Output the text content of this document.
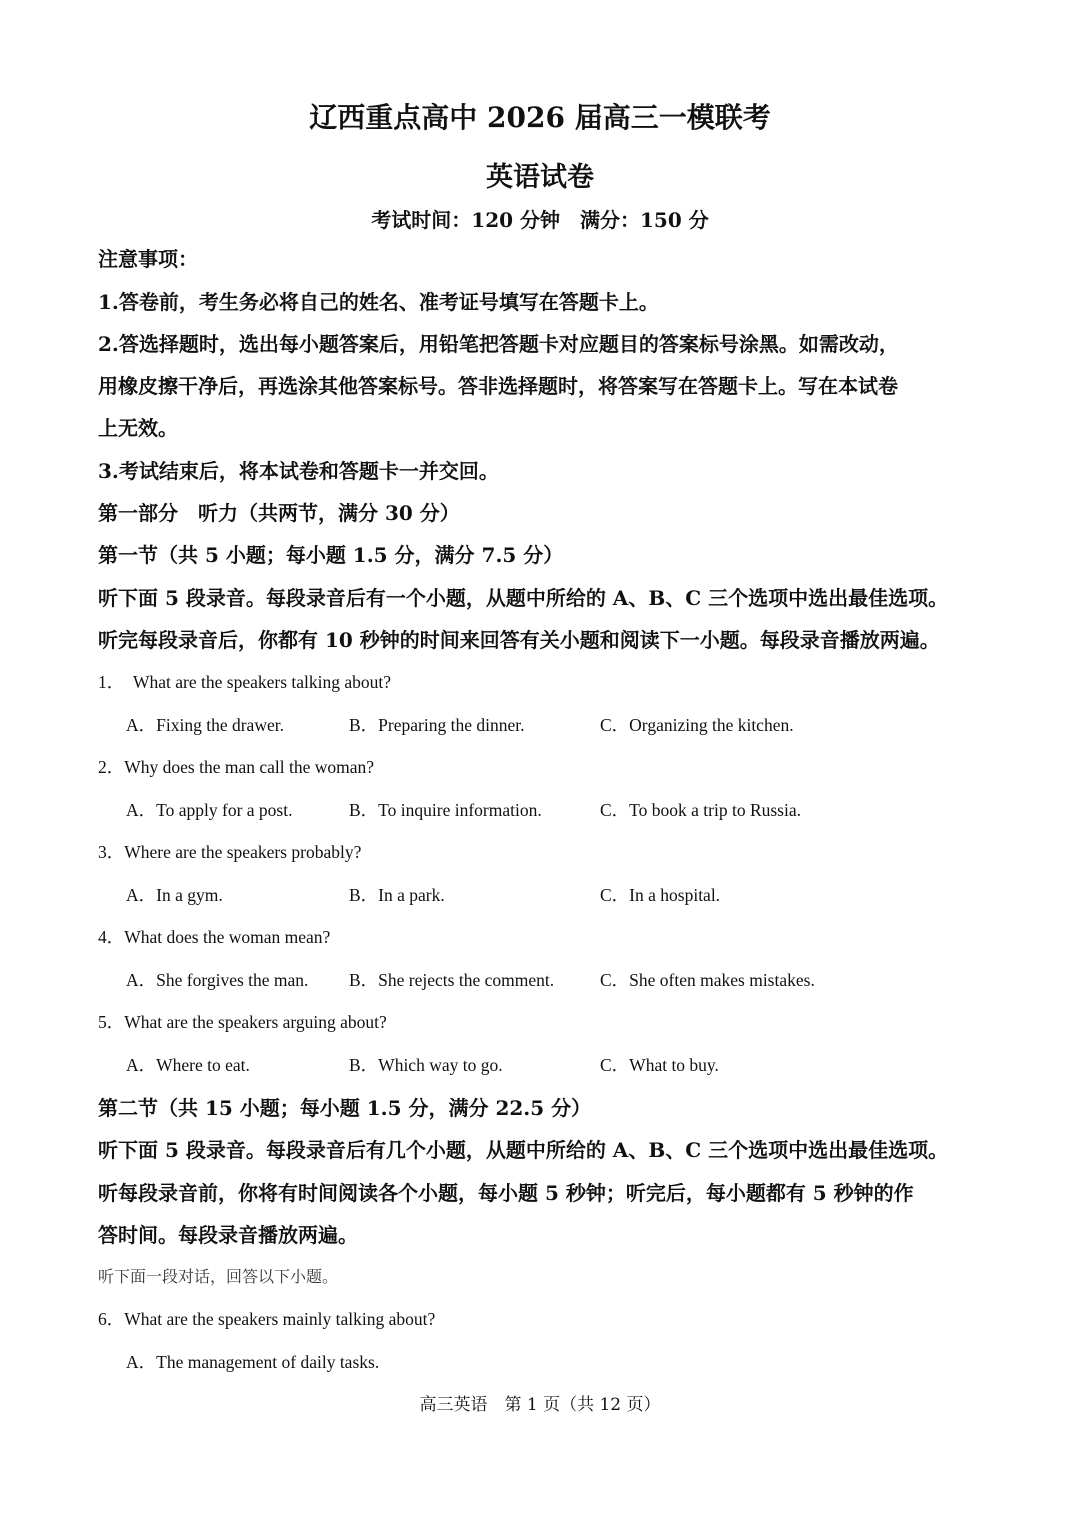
辽西重点高中 2026 届高三一模联考
英语试卷
考试时间：120 分钟　满分：150 分
注意事项：
1.答卷前，考生务必将自己的姓名、准考证号填写在答题卡上。
2.答选择题时，选出每小题答案后，用铅笔把答题卡对应题目的答案标号涂黑。如需改动，
用橡皮擦干净后，再选涂其他答案标号。答非选择题时，将答案写在答题卡上。写在本试卷
上无效。
3.考试结束后，将本试卷和答题卡一并交回。
第一部分　听力（共两节，满分 30 分）
第一节（共 5 小题；每小题 1.5 分，满分 7.5 分）
听下面 5 段录音。每段录音后有一个小题，从题中所给的 A、B、C 三个选项中选出最佳选项。
听完每段录音后，你都有 10 秒钟的时间来回答有关小题和阅读下一小题。每段录音播放两遍。
1．　What are the speakers talking about?
A．Fixing the drawer.	B．Preparing the dinner.	C．Organizing the kitchen.
2．Why does the man call the woman?
A．To apply for a post.	B．To inquire information.	C．To book a trip to Russia.
3．Where are the speakers probably?
A．In a gym.	B．In a park.	C．In a hospital.
4．What does the woman mean?
A．She forgives the man. B．She rejects the comment.	C．She often makes mistakes.
5．What are the speakers arguing about?
A．Where to eat.	B．Which way to go.	C．What to buy.
第二节（共 15 小题；每小题 1.5 分，满分 22.5 分）
听下面 5 段录音。每段录音后有几个小题，从题中所给的 A、B、C 三个选项中选出最佳选项。
听每段录音前，你将有时间阅读各个小题，每小题 5 秒钟；听完后，每小题都有 5 秒钟的作
答时间。每段录音播放两遍。
听下面一段对话，回答以下小题。
6．What are the speakers mainly talking about?
A．The management of daily tasks.
高三英语　第 1 页（共 12 页）
